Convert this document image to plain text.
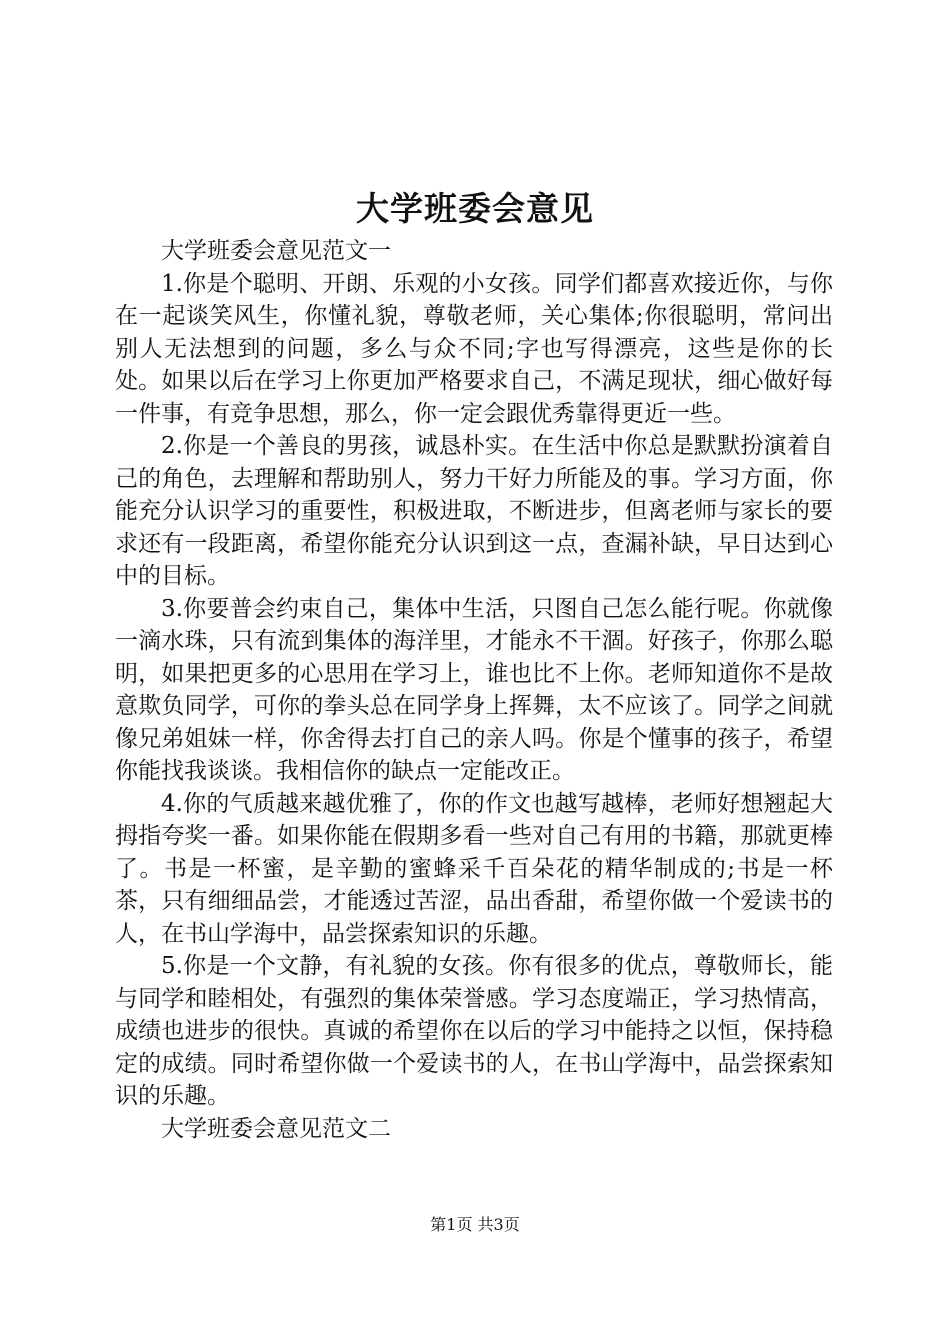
大学班委会意见

大学班委会意见范文一

1.你是个聪明、开朗、乐观的小女孩。同学们都喜欢接近你，与你在一起谈笑风生，你懂礼貌，尊敬老师，关心集体;你很聪明，常问出别人无法想到的问题，多么与众不同;字也写得漂亮，这些是你的长处。如果以后在学习上你更加严格要求自己，不满足现状，细心做好每一件事，有竞争思想，那么，你一定会跟优秀靠得更近一些。

2.你是一个善良的男孩，诚恳朴实。在生活中你总是默默扮演着自己的角色，去理解和帮助别人，努力干好力所能及的事。学习方面，你能充分认识学习的重要性，积极进取，不断进步，但离老师与家长的要求还有一段距离，希望你能充分认识到这一点，查漏补缺，早日达到心中的目标。

3.你要普会约束自己，集体中生活，只图自己怎么能行呢。你就像一滴水珠，只有流到集体的海洋里，才能永不干涸。好孩子，你那么聪明，如果把更多的心思用在学习上，谁也比不上你。老师知道你不是故意欺负同学，可你的拳头总在同学身上挥舞，太不应该了。同学之间就像兄弟姐妹一样，你舍得去打自己的亲人吗。你是个懂事的孩子，希望你能找我谈谈。我相信你的缺点一定能改正。

4.你的气质越来越优雅了，你的作文也越写越棒，老师好想翘起大拇指夸奖一番。如果你能在假期多看一些对自己有用的书籍，那就更棒了。书是一杯蜜，是辛勤的蜜蜂采千百朵花的精华制成的;书是一杯茶，只有细细品尝，才能透过苦涩，品出香甜，希望你做一个爱读书的人，在书山学海中，品尝探索知识的乐趣。

5.你是一个文静，有礼貌的女孩。你有很多的优点，尊敬师长，能与同学和睦相处，有强烈的集体荣誉感。学习态度端正，学习热情高，成绩也进步的很快。真诚的希望你在以后的学习中能持之以恒，保持稳定的成绩。同时希望你做一个爱读书的人，在书山学海中，品尝探索知识的乐趣。

大学班委会意见范文二

第1页 共3页
